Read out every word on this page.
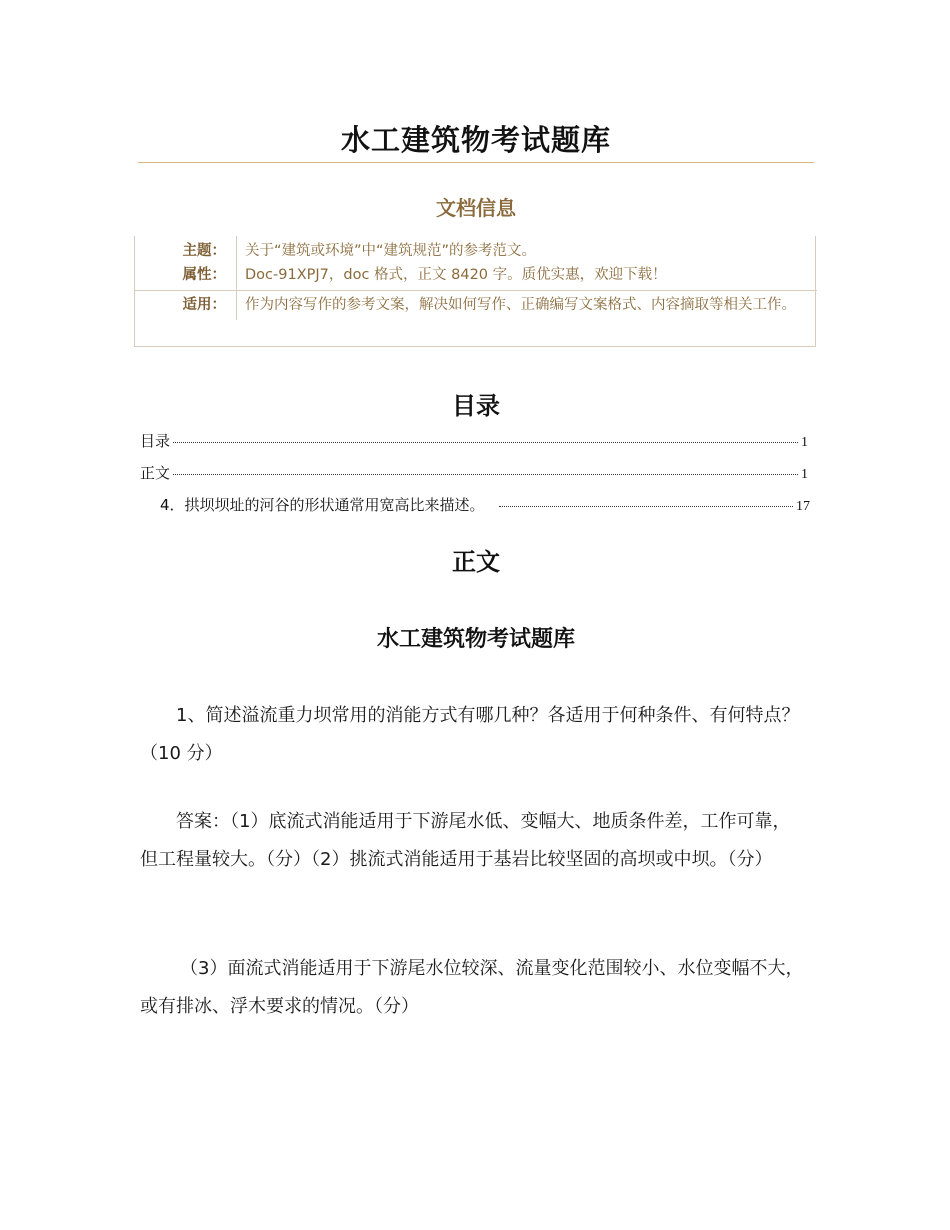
水工建筑物考试题库
文档信息
主题：	关于“建筑或环境”中“建筑规范”的参考范文。

属性：	Doc-91XPJ7，doc 格式，正文 8420 字。质优实惠，欢迎下载！

适用：	作为内容写作的参考文案，解决如何写作、正确编写文案格式、内容摘取等相关工作。
目录
目录	1
正文	1
4．拱坝坝址的河谷的形状通常用宽高比来描述。	17
正文
水工建筑物考试题库
1、简述溢流重力坝常用的消能方式有哪几种？各适用于何种条件、有何特点？（10 分）
答案：（1）底流式消能适用于下游尾水低、变幅大、地质条件差，工作可靠，但工程量较大。（分）（2）挑流式消能适用于基岩比较坚固的高坝或中坝。（分）
（3）面流式消能适用于下游尾水位较深、流量变化范围较小、水位变幅不大，或有排冰、浮木要求的情况。（分）
